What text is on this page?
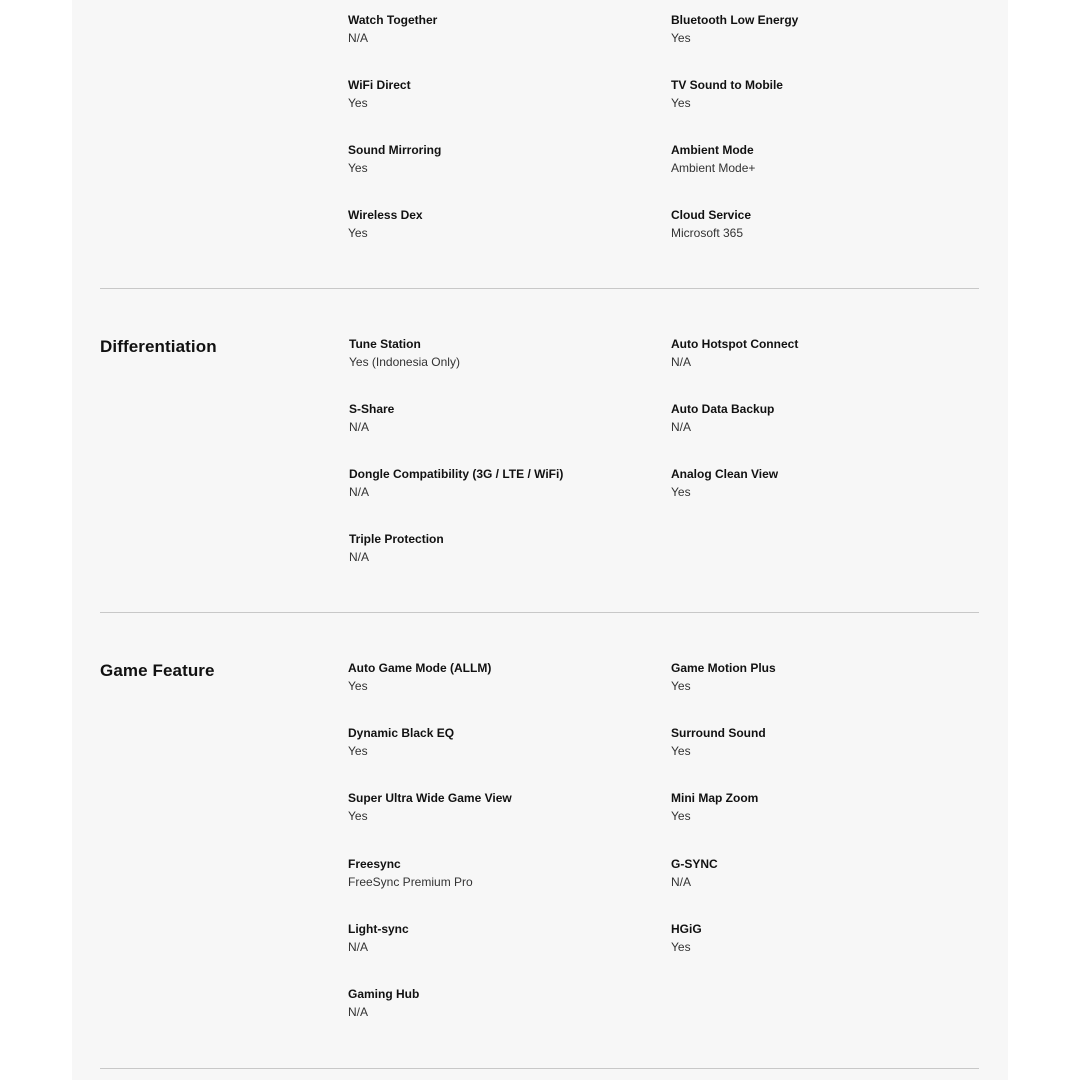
Watch Together
N/A
Bluetooth Low Energy
Yes
WiFi Direct
Yes
TV Sound to Mobile
Yes
Sound Mirroring
Yes
Ambient Mode
Ambient Mode+
Wireless Dex
Yes
Cloud Service
Microsoft 365
Differentiation	Tune Station
Yes (Indonesia Only)
Auto Hotspot Connect
N/A
S-Share
N/A
Auto Data Backup
N/A
Dongle Compatibility (3G / LTE / WiFi)
N/A
Analog Clean View
Yes
Triple Protection
N/A
Game Feature	Auto Game Mode (ALLM)
Yes
Game Motion Plus
Yes
Dynamic Black EQ
Yes
Surround Sound
Yes
Super Ultra Wide Game View
Yes
Mini Map Zoom
Yes
Freesync
FreeSync Premium Pro
G-SYNC
N/A
Light-sync
N/A
HGiG
Yes
Gaming Hub
N/A
